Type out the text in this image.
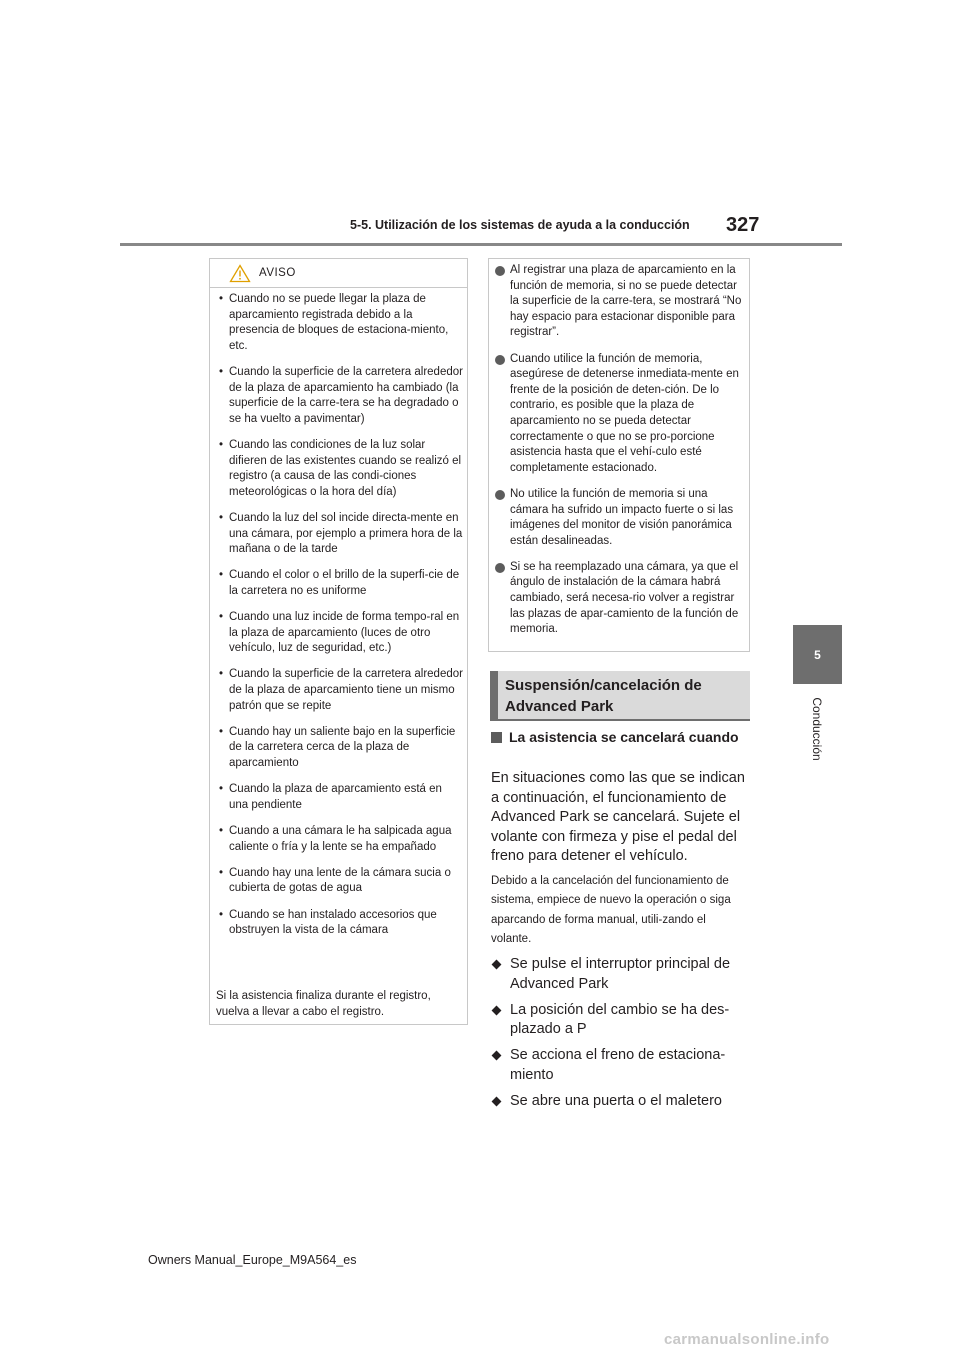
5-5. Utilización de los sistemas de ayuda a la conducción 327
5
Conducción
AVISO
• Cuando no se puede llegar la plaza de aparcamiento registrada debido a la presencia de bloques de estaciona-miento, etc.
• Cuando la superficie de la carretera alrededor de la plaza de aparcamiento ha cambiado (la superficie de la carre-tera se ha degradado o se ha vuelto a pavimentar)
• Cuando las condiciones de la luz solar difieren de las existentes cuando se realizó el registro (a causa de las condi-ciones meteorológicas o la hora del día)
• Cuando la luz del sol incide directa-mente en una cámara, por ejemplo a primera hora de la mañana o de la tarde
• Cuando el color o el brillo de la superfi-cie de la carretera no es uniforme
• Cuando una luz incide de forma tempo-ral en la plaza de aparcamiento (luces de otro vehículo, luz de seguridad, etc.)
• Cuando la superficie de la carretera alrededor de la plaza de aparcamiento tiene un mismo patrón que se repite
• Cuando hay un saliente bajo en la superficie de la carretera cerca de la plaza de aparcamiento
• Cuando la plaza de aparcamiento está en una pendiente
• Cuando a una cámara le ha salpicada agua caliente o fría y la lente se ha empañado
• Cuando hay una lente de la cámara sucia o cubierta de gotas de agua
• Cuando se han instalado accesorios que obstruyen la vista de la cámara

Si la asistencia finaliza durante el registro, vuelva a llevar a cabo el registro.

Al registrar una plaza de aparcamiento en la función de memoria, si no se puede detectar la superficie de la carre-tera, se mostrará “No hay espacio para estacionar disponible para registrar”.
Cuando utilice la función de memoria, asegúrese de detenerse inmediata-mente en frente de la posición de deten-ción. De lo contrario, es posible que la plaza de aparcamiento no se pueda detectar correctamente o que no se pro-porcione asistencia hasta que el vehí-culo esté completamente estacionado.
No utilice la función de memoria si una cámara ha sufrido un impacto fuerte o si las imágenes del monitor de visión panorámica están desalineadas.
Si se ha reemplazado una cámara, ya que el ángulo de instalación de la cámara habrá cambiado, será necesa-rio volver a registrar las plazas de apar-camiento de la función de memoria.

Suspensión/cancelación de Advanced Park

La asistencia se cancelará cuando

En situaciones como las que se indican a continuación, el funcionamiento de Advanced Park se cancelará. Sujete el volante con firmeza y pise el pedal del freno para detener el vehículo.

Debido a la cancelación del funcionamiento de sistema, empiece de nuevo la operación o siga aparcando de forma manual, utili-zando el volante.

Se pulse el interruptor principal de Advanced Park
La posición del cambio se ha des-plazado a P
Se acciona el freno de estaciona-miento
Se abre una puerta o el maletero
Owners Manual_Europe_M9A564_es
carmanualsonline.info
